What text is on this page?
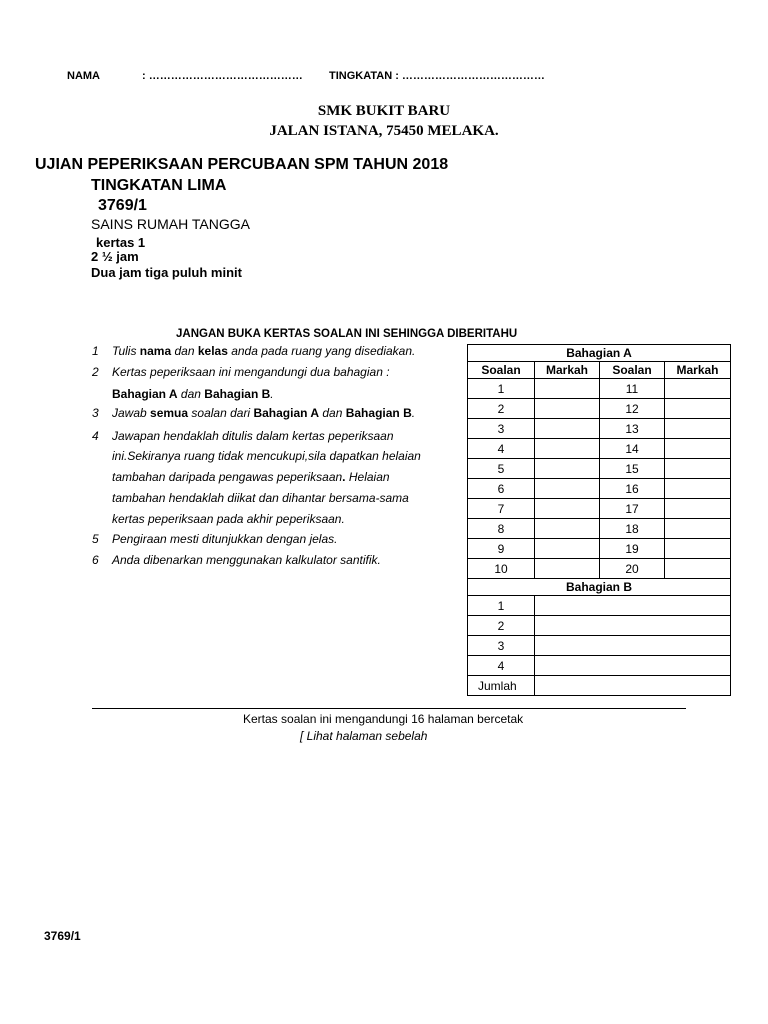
NAMA	: …………………………………… TINGKATAN : …………………………………
SMK BUKIT BARU
JALAN ISTANA, 75450 MELAKA.
UJIAN PEPERIKSAAN PERCUBAAN SPM TAHUN 2018
TINGKATAN LIMA
3769/1
SAINS RUMAH TANGGA
kertas 1
2 ½ jam
Dua jam tiga puluh minit
JANGAN BUKA KERTAS SOALAN INI SEHINGGA DIBERITAHU
1 Tulis nama dan kelas anda pada ruang yang disediakan.
2 Kertas peperiksaan ini mengandungi dua bahagian :
Bahagian A dan Bahagian B.
3 Jawab semua soalan dari Bahagian A dan Bahagian B.
4 Jawapan hendaklah ditulis dalam kertas peperiksaan
ini.Sekiranya ruang tidak mencukupi,sila dapatkan helaian
tambahan daripada pengawas peperiksaan. Helaian
tambahan hendaklah diikat dan dihantar bersama-sama
kertas peperiksaan pada akhir peperiksaan.
5 Pengiraan mesti ditunjukkan dengan jelas.
6 Anda dibenarkan menggunakan kalkulator santifik.
Bahagian A			
Soalan	Markah	Soalan	Markah
1		11	
2		12	
3		13	
4		14	
5		15	
6		16	
7		17	
8		18	
9		19	
10		20	
Bahagian B			
1			
2			
3			
4			
Jumlah			
Kertas soalan ini mengandungi 16 halaman bercetak
[ Lihat halaman sebelah
3769/1
